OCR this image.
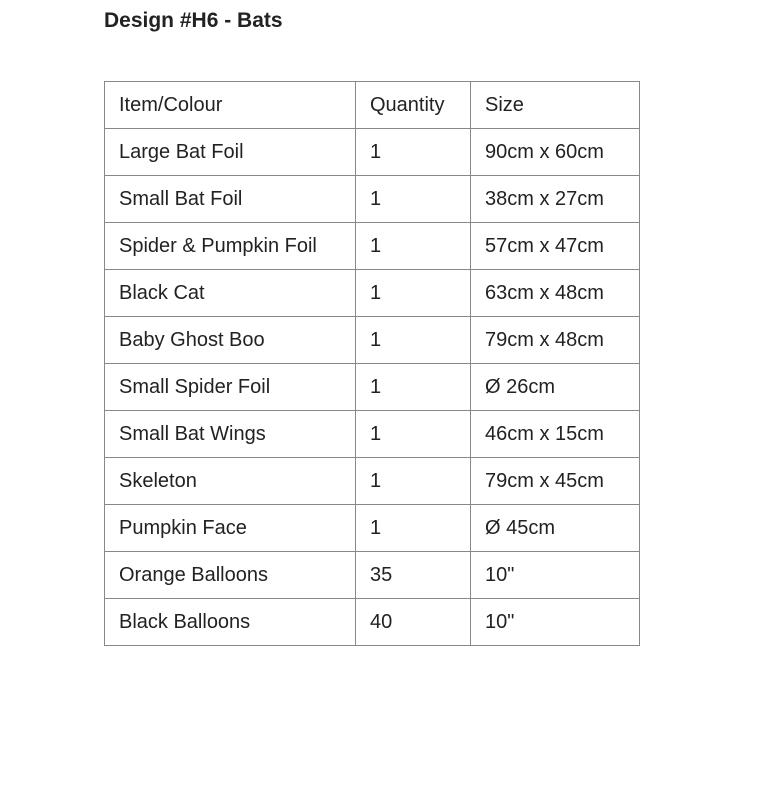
Design #H6 - Bats
Item/Colour	Quantity	Size
Large Bat Foil	1	90cm x 60cm
Small Bat Foil	1	38cm x 27cm
Spider & Pumpkin Foil	1	57cm x 47cm
Black Cat	1	63cm x 48cm
Baby Ghost Boo	1	79cm x 48cm
Small Spider Foil	1	Ø 26cm
Small Bat Wings	1	46cm x 15cm
Skeleton	1	79cm x 45cm
Pumpkin Face	1	Ø 45cm
Orange Balloons	35	10"
Black Balloons	40	10"
